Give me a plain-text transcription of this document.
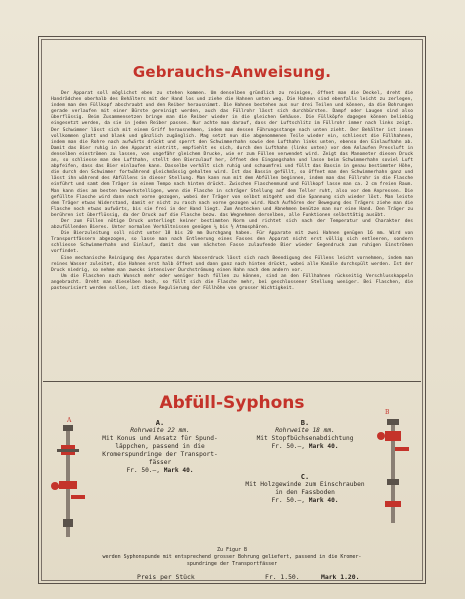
Gebrauchs-Anweisung.

Der Apparat soll möglichst eben zu stehen kommen. Um denselben gründlich zu reinigen, öffnet man die Deckel, dreht die Handrädchen oberhalb des Behälters mit der Hand los und ziehe die Hahnen unten weg. Die Hahnen sind ebenfalls leicht zu zerlegen, indem man den Füllkopf abschraubt und den Reiber herausnimmt. Die Hahnen bestehen aus nur drei Teilen und können, da die Bohrungen gerade verlaufen mit einer Bürste gereinigt werden, auch das Füllrohr lässt sich durchbürsten. Dampf oder Laugen sind also überflüssig. Beim Zusammensetzen bringe man die Reiber wieder in die gleichen Gehäuse. Die Füllköpfe dagegen können beliebig eingesetzt werden, da sie in jeden Reiber passen. Nur achte man darauf, dass der Luftschlitz im Füllrohr immer nach links zeigt. Der Schwimmer lässt sich mit einem Griff herausnehmen, indem man dessen Führungsstange nach unten zieht. Der Behälter ist innen vollkommen glatt und blank und gänzlich zugänglich. Mag setzt nun die abgenommenen Teile wieder ein, schliesst die Füllhahnen, indem man die Rohre nach aufwärts drückt und sperrt den Schwimmerhahn sowie den Lufthahn links unten, ebenso den Einlaufhahn ab. Damit das Bier ruhig in den Apparat eintritt, empfiehlt es sich, durch den Lufthahn (links unten) vor dem Anlaufen Pressluft in denselben einströmen zu lassen, von ungefähr gleichem Drucke, wie er zum Füllen verwendet wird. Zeigt das Manometer diesen Druck an, so schliesse man den Lufthahn, stellt den Bierzulauf her, öffnet den Eingangshahn und lasse beim Schwimmerhahn soviel Luft abpfeifen, dass das Bier einlaufen kann. Dasselbe verhält sich ruhig und schaumfrei und füllt das Bassin in genau bestimmter Höhe, die durch den Schwimmer fortwährend gleichmässig gehalten wird. Ist das Bassin gefüllt, so öffnet man den Schwimmerhahn ganz und lässt ihn während des Abfüllens in dieser Stellung. Man kann nun mit dem Abfüllen beginnen, indem man das Füllrohr in die Flasche einführt und samt dem Träger in einem Tempo nach hinten drückt. Zwischen Flaschenmund und Füllkopf lasse man ca. 2 cm freien Raum. Man kann dies am besten bewerkstelligen, wenn die Flasche in schräger Stellung auf dem Teller ruht, also vor dem Anpressen. Die gefüllte Flasche wird dann nach vorne gezogen, wobei der Träger von selbst mitgeht und die Spannung sich wieder löst. Man leiste dem Träger etwas Widerstand, damit er nicht zu rasch nach vorne gezogen wird. Nach Aufhören der Bewegung des Trägers ziehe man die Flasche noch etwas aufwärts, bis sie frei in der Hand liegt. Zum Anstecken und Abnehmen benütze man nur eine Hand. Den Träger zu berühren ist überflüssig, da der Druck auf die Flasche bezw. das Wegnehmen derselben, alle Funktionen selbsttätig ausübt.

Der zum Füllen nötige Druck unterliegt keiner bestimmten Norm und richtet sich nach der Temperatur und Charakter des abzufüllenden Bieres. Unter normalen Verhältnissen genügen ¼ bis ½ Atmosphären.

Die Bierzuleitung soll nicht unter 18 bis 20 mm Durchgang haben. Für Apparate mit zwei Hahnen genügen 16 mm. Wird von Transportfässern abgezogen, so lasse man nach Entleerung eines Fasses den Apparat nicht erst völlig sich entleeren, sondern schliesse Schwimmerhahn und Einlauf, damit das vom nächsten Fasse zulaufende Bier wieder Gegendruck zum ruhigen Einströmen vorfindet.

Eine mechanische Reinigung des Apparates durch Wasserdruck lässt sich nach Beendigung des Füllens leicht vornehmen, indem man reines Wasser zuleitet, die Hahnen erst halb öffnet und dann ganz nach hinten drückt, wobei alle Kanäle durchspült werden. Ist der Druck niedrig, so nehme man zwecks intensiver Durchströmung einen Hahn nach dem andern vor.

Um die Flaschen nach Wunsch mehr oder weniger hoch füllen zu können, sind an den Füllhahnen rückseitig Verschlusskappeln angebracht. Dreht man dieselben hoch, so füllt sich die Flasche mehr, bei geschlossener Stellung weniger. Bei Flaschen, die pasteurisiert werden sollen, ist diese Regulierung der Füllhöhe von grosser Wichtigkeit.

Abfüll-Syphons
A
B
A.
Rohrweite 22 mm.
Mit Konus und Ansatz für Spund-
läppchen, passend in die
Kromerspundringe der Transport-
fässer
Fr. 50.—, Mark 40.
B.
Rohrweite 18 mm.
Mit Stopfbüchsenabdichtung
Fr. 50.—, Mark 40.
C.
Mit Holzgewinde zum Einschrauben
in den Fassboden
Fr. 50.—, Mark 40.
Zu Figur B
werden Syphonspunde mit entsprechend grosser Bohrung geliefert, passend in die Kromer-
spundringe der Transportfässer
Preis per Stück	Fr. 1.50.	Mark 1.20.
